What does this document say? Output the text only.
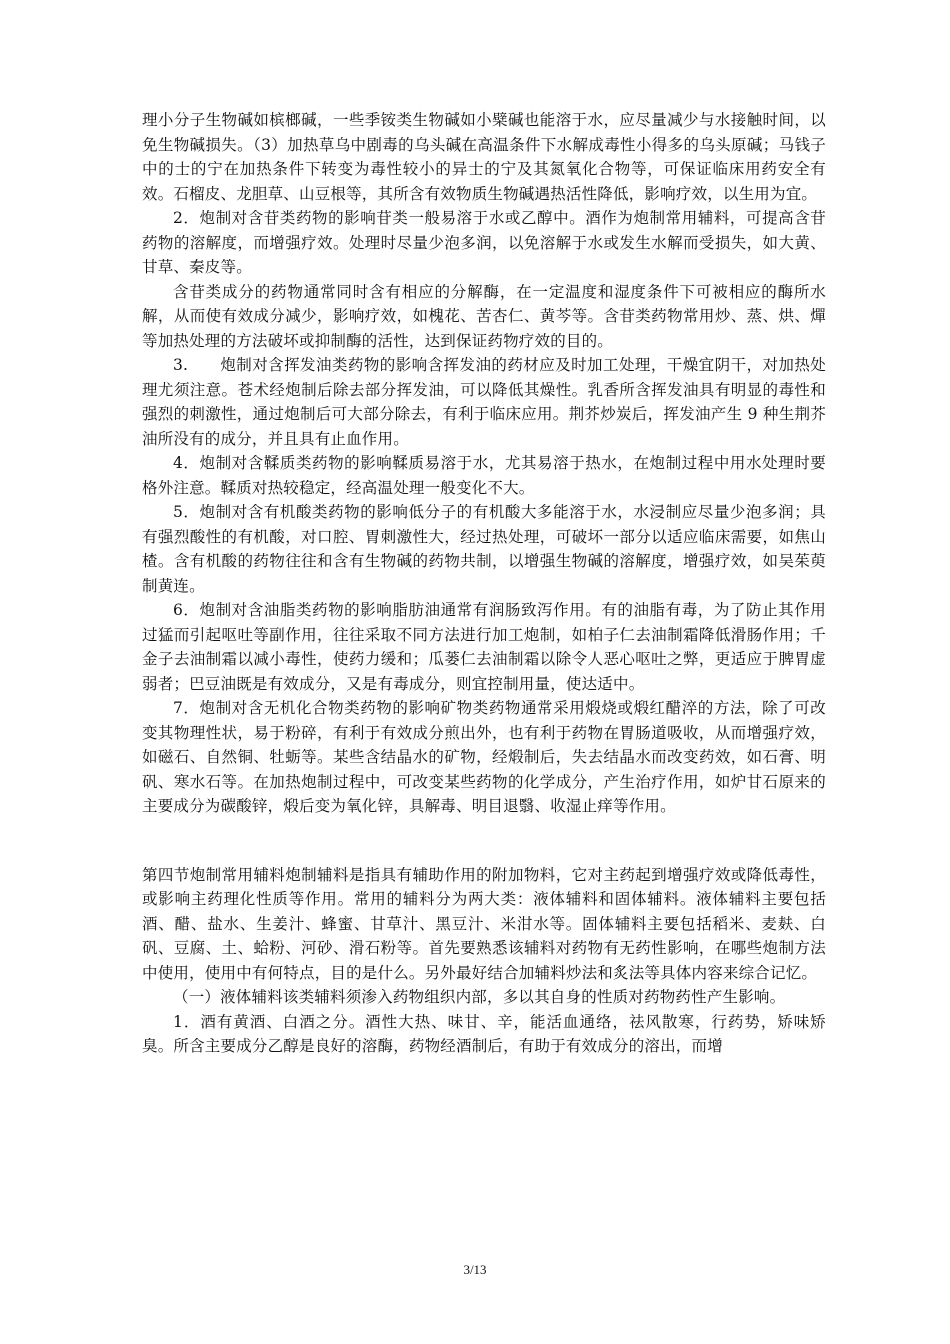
理小分子生物碱如槟榔碱，一些季铵类生物碱如小檗碱也能溶于水，应尽量减少与水接触时间，以免生物碱损失。（3）加热草乌中剧毒的乌头碱在高温条件下水解成毒性小得多的乌头原碱；马钱子中的士的宁在加热条件下转变为毒性较小的异士的宁及其氮氧化合物等，可保证临床用药安全有效。石榴皮、龙胆草、山豆根等，其所含有效物质生物碱遇热活性降低，影响疗效，以生用为宜。

2．炮制对含苷类药物的影响苷类一般易溶于水或乙醇中。酒作为炮制常用辅料，可提高含苷药物的溶解度，而增强疗效。处理时尽量少泡多润，以免溶解于水或发生水解而受损失，如大黄、甘草、秦皮等。

含苷类成分的药物通常同时含有相应的分解酶，在一定温度和湿度条件下可被相应的酶所水解，从而使有效成分减少，影响疗效，如槐花、苦杏仁、黄芩等。含苷类药物常用炒、蒸、烘、燀等加热处理的方法破坏或抑制酶的活性，达到保证药物疗效的目的。

3.　　炮制对含挥发油类药物的影响含挥发油的药材应及时加工处理，干燥宜阴干，对加热处理尤须注意。苍术经炮制后除去部分挥发油，可以降低其燥性。乳香所含挥发油具有明显的毒性和强烈的刺激性，通过炮制后可大部分除去，有利于临床应用。荆芥炒炭后，挥发油产生 9 种生荆芥油所没有的成分，并且具有止血作用。

4．炮制对含鞣质类药物的影响鞣质易溶于水，尤其易溶于热水，在炮制过程中用水处理时要格外注意。鞣质对热较稳定，经高温处理一般变化不大。

5．炮制对含有机酸类药物的影响低分子的有机酸大多能溶于水，水浸制应尽量少泡多润；具有强烈酸性的有机酸，对口腔、胃刺激性大，经过热处理，可破坏一部分以适应临床需要，如焦山楂。含有机酸的药物往往和含有生物碱的药物共制，以增强生物碱的溶解度，增强疗效，如吴茱萸制黄连。

6．炮制对含油脂类药物的影响脂肪油通常有润肠致泻作用。有的油脂有毒，为了防止其作用过猛而引起呕吐等副作用，往往采取不同方法进行加工炮制，如柏子仁去油制霜降低滑肠作用；千金子去油制霜以减小毒性，使药力缓和；瓜蒌仁去油制霜以除令人恶心呕吐之弊，更适应于脾胃虚弱者；巴豆油既是有效成分，又是有毒成分，则宜控制用量，使达适中。

7．炮制对含无机化合物类药物的影响矿物类药物通常采用煅烧或煅红醋淬的方法，除了可改变其物理性状，易于粉碎，有利于有效成分煎出外，也有利于药物在胃肠道吸收，从而增强疗效，如磁石、自然铜、牡蛎等。某些含结晶水的矿物，经煅制后，失去结晶水而改变药效，如石膏、明矾、寒水石等。在加热炮制过程中，可改变某些药物的化学成分，产生治疗作用，如炉甘石原来的主要成分为碳酸锌，煅后变为氧化锌，具解毒、明目退翳、收湿止痒等作用。

第四节炮制常用辅料炮制辅料是指具有辅助作用的附加物料，它对主药起到增强疗效或降低毒性，或影响主药理化性质等作用。常用的辅料分为两大类：液体辅料和固体辅料。液体辅料主要包括酒、醋、盐水、生姜汁、蜂蜜、甘草汁、黑豆汁、米泔水等。固体辅料主要包括稻米、麦麸、白矾、豆腐、土、蛤粉、河砂、滑石粉等。首先要熟悉该辅料对药物有无药性影响，在哪些炮制方法中使用，使用中有何特点，目的是什么。另外最好结合加辅料炒法和炙法等具体内容来综合记忆。

（一）液体辅料该类辅料须渗入药物组织内部，多以其自身的性质对药物药性产生影响。

1．酒有黄酒、白酒之分。酒性大热、味甘、辛，能活血通络，祛风散寒，行药势，矫味矫臭。所含主要成分乙醇是良好的溶酶，药物经酒制后，有助于有效成分的溶出，而增

3/13
